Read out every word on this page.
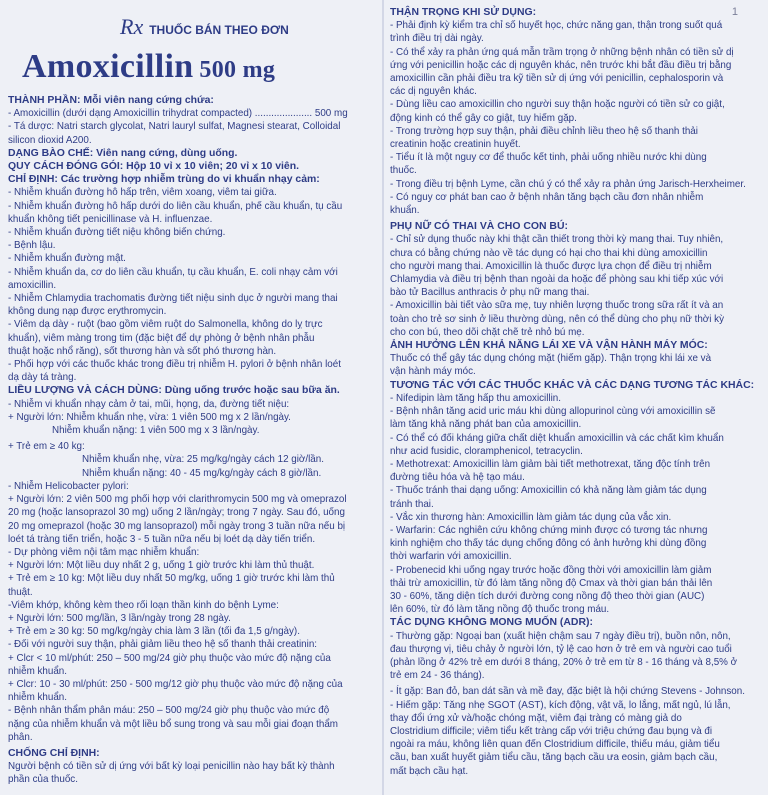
1
Rx THUỐC BÁN THEO ĐƠN
Amoxicillin 500 mg
THÀNH PHẦN: Mỗi viên nang cứng chứa:
- Amoxicillin (dưới dạng Amoxicillin trihydrat compacted) ..................... 500 mg
- Tá dược: Natri starch glycolat, Natri lauryl sulfat, Magnesi stearat, Colloidal
silicon dioxid A200.
DẠNG BÀO CHẾ: Viên nang cứng, dùng uống.
QUY CÁCH ĐÓNG GÓI: Hộp 10 vỉ x 10 viên; 20 vỉ x 10 viên.
CHỈ ĐỊNH: Các trường hợp nhiễm trùng do vi khuẩn nhạy cảm:
- Nhiễm khuẩn đường hô hấp trên, viêm xoang, viêm tai giữa.
- Nhiễm khuẩn đường hô hấp dưới do liên cầu khuẩn, phế cầu khuẩn, tụ cầu
khuẩn không tiết penicillinase và H. influenzae.
- Nhiễm khuẩn đường tiết niệu không biến chứng.
- Bệnh lậu.
- Nhiễm khuẩn đường mật.
- Nhiễm khuẩn da, cơ do liên cầu khuẩn, tụ cầu khuẩn, E. coli nhạy cảm với
amoxicillin.
- Nhiễm Chlamydia trachomatis đường tiết niệu sinh dục ở người mang thai
không dung nạp được erythromycin.
- Viêm dạ dày - ruột (bao gồm viêm ruột do Salmonella, không do lỵ trực
khuẩn), viêm màng trong tim (đặc biệt để dự phòng ở bệnh nhân phẫu
thuật hoặc nhổ răng), sốt thương hàn và sốt phó thương hàn.
- Phối hợp với các thuốc khác trong điều trị nhiễm H. pylori ở bệnh nhân loét
dạ dày tá tràng.
LIỀU LƯỢNG VÀ CÁCH DÙNG: Dùng uống trước hoặc sau bữa ăn.
- Nhiễm vi khuẩn nhạy cảm ở tai, mũi, họng, da, đường tiết niệu:
+ Người lớn: Nhiễm khuẩn nhẹ, vừa: 1 viên 500 mg x 2 lần/ngày.
Nhiễm khuẩn nặng: 1 viên 500 mg x 3 lần/ngày.
+ Trẻ em ≥ 40 kg:
Nhiễm khuẩn nhẹ, vừa: 25 mg/kg/ngày cách 12 giờ/lần.
Nhiễm khuẩn nặng: 40 - 45 mg/kg/ngày cách 8 giờ/lần.
- Nhiễm Helicobacter pylori:
+ Người lớn: 2 viên 500 mg phối hợp với clarithromycin 500 mg và omeprazol
20 mg (hoặc lansoprazol 30 mg) uống 2 lần/ngày; trong 7 ngày. Sau đó, uống
20 mg omeprazol (hoặc 30 mg lansoprazol) mỗi ngày trong 3 tuần nữa nếu bị
loét tá tràng tiến triển, hoặc 3 - 5 tuần nữa nếu bị loét dạ dày tiến triển.
- Dự phòng viêm nội tâm mạc nhiễm khuẩn:
+ Người lớn: Một liều duy nhất 2 g, uống 1 giờ trước khi làm thủ thuật.
+ Trẻ em ≥ 10 kg: Một liều duy nhất 50 mg/kg, uống 1 giờ trước khi làm thủ
thuật.
-Viêm khớp, không kèm theo rối loạn thần kinh do bệnh Lyme:
+ Người lớn: 500 mg/lần, 3 lần/ngày trong 28 ngày.
+ Trẻ em ≥ 30 kg: 50 mg/kg/ngày chia làm 3 lần (tối đa 1,5 g/ngày).
- Đối với người suy thận, phải giảm liều theo hệ số thanh thải creatinin:
+ Clcr < 10 ml/phút: 250 – 500 mg/24 giờ phụ thuộc vào mức độ nặng của
nhiễm khuẩn.
+ Clcr: 10 - 30 ml/phút: 250 - 500 mg/12 giờ phụ thuộc vào mức độ nặng của
nhiễm khuẩn.
- Bệnh nhân thẩm phân máu: 250 – 500 mg/24 giờ phụ thuộc vào mức độ
nặng của nhiễm khuẩn và một liều bổ sung trong và sau mỗi giai đoạn thẩm
phân.
CHỐNG CHỈ ĐỊNH:
Người bệnh có tiền sử dị ứng với bất kỳ loại penicillin nào hay bất kỳ thành
phần của thuốc.
THẬN TRỌNG KHI SỬ DỤNG:
- Phải định kỳ kiểm tra chỉ số huyết học, chức năng gan, thận trong suốt quá
trình điều trị dài ngày.
- Có thể xảy ra phản ứng quá mẫn trầm trọng ở những bệnh nhân có tiền sử dị
ứng với penicillin hoặc các dị nguyên khác, nên trước khi bắt đầu điều trị bằng
amoxicillin cần phải điều tra kỹ tiền sử dị ứng với penicillin, cephalosporin và
các dị nguyên khác.
- Dùng liều cao amoxicillin cho người suy thận hoặc người có tiền sử co giật,
động kinh có thể gây co giật, tuy hiếm gặp.
- Trong trường hợp suy thận, phải điều chỉnh liều theo hệ số thanh thải
creatinin hoặc creatinin huyết.
- Tiểu ít là một nguy cơ để thuốc kết tinh, phải uống nhiều nước khi dùng
thuốc.
- Trong điều trị bệnh Lyme, cần chú ý có thể xảy ra phản ứng Jarisch-Herxheimer.
- Có nguy cơ phát ban cao ở bệnh nhân tăng bạch cầu đơn nhân nhiễm
khuẩn.
PHỤ NỮ CÓ THAI VÀ CHO CON BÚ:
- Chỉ sử dụng thuốc này khi thật cần thiết trong thời kỳ mang thai. Tuy nhiên,
chưa có bằng chứng nào về tác dụng có hại cho thai khi dùng amoxicillin
cho người mang thai. Amoxicillin là thuốc được lựa chọn để điều trị nhiễm
Chlamydia và điều trị bệnh than ngoài da hoặc để phòng sau khi tiếp xúc với
bào tử Bacillus anthracis ở phụ nữ mang thai.
- Amoxicillin bài tiết vào sữa mẹ, tuy nhiên lượng thuốc trong sữa rất ít và an
toàn cho trẻ sơ sinh ở liều thường dùng, nên có thể dùng cho phụ nữ thời kỳ
cho con bú, theo dõi chặt chẽ trẻ nhỏ bú mẹ.
ẢNH HƯỞNG LÊN KHẢ NĂNG LÁI XE VÀ VẬN HÀNH MÁY MÓC:
Thuốc có thể gây tác dụng chóng mặt (hiếm gặp). Thận trọng khi lái xe và
vận hành máy móc.
TƯƠNG TÁC VỚI CÁC THUỐC KHÁC VÀ CÁC DẠNG TƯƠNG TÁC KHÁC:
- Nifedipin làm tăng hấp thu amoxicillin.
- Bệnh nhân tăng acid uric máu khi dùng allopurinol cùng với amoxicillin sẽ
làm tăng khả năng phát ban của amoxicillin.
- Có thể có đối kháng giữa chất diệt khuẩn amoxicillin và các chất kìm khuẩn
như acid fusidic, cloramphenicol, tetracyclin.
- Methotrexat: Amoxicillin làm giảm bài tiết methotrexat, tăng độc tính trên
đường tiêu hóa và hệ tạo máu.
- Thuốc tránh thai dạng uống: Amoxicillin có khả năng làm giảm tác dụng
tránh thai.
- Vắc xin thương hàn: Amoxicillin làm giảm tác dụng của vắc xin.
- Warfarin: Các nghiên cứu không chứng minh được có tương tác nhưng
kinh nghiệm cho thấy tác dụng chống đông có ảnh hưởng khi dùng đồng
thời warfarin với amoxicillin.
- Probenecid khi uống ngay trước hoặc đồng thời với amoxicillin làm giảm
thải trừ amoxicillin, từ đó làm tăng nồng độ Cmax và thời gian bán thải lên
30 - 60%, tăng diện tích dưới đường cong nồng độ theo thời gian (AUC)
lên 60%, từ đó làm tăng nồng độ thuốc trong máu.
TÁC DỤNG KHÔNG MONG MUỐN (ADR):
- Thường gặp: Ngoại ban (xuất hiện chậm sau 7 ngày điều trị), buồn nôn, nôn,
đau thượng vị, tiêu chảy ở người lớn, tỷ lệ cao hơn ở trẻ em và người cao tuổi
(phản lồng ở 42% trẻ em dưới 8 tháng, 20% ở trẻ em từ 8 - 16 tháng và 8,5% ở
trẻ em 24 - 36 tháng).
- Ít gặp: Ban đỏ, ban dát sần và mề đay, đặc biệt là hội chứng Stevens - Johnson.
- Hiếm gặp: Tăng nhẹ SGOT (AST), kích động, vật vã, lo lắng, mất ngủ, lú lẫn,
thay đổi ứng xử và/hoặc chóng mặt, viêm đại tràng có màng giả do
Clostridium difficile; viêm tiểu kết tràng cấp với triệu chứng đau bụng và đi
ngoài ra máu, không liên quan đến Clostridium difficile, thiếu máu, giảm tiểu
cầu, ban xuất huyết giảm tiểu cầu, tăng bạch cầu ưa eosin, giảm bạch cầu,
mất bạch cầu hạt.
